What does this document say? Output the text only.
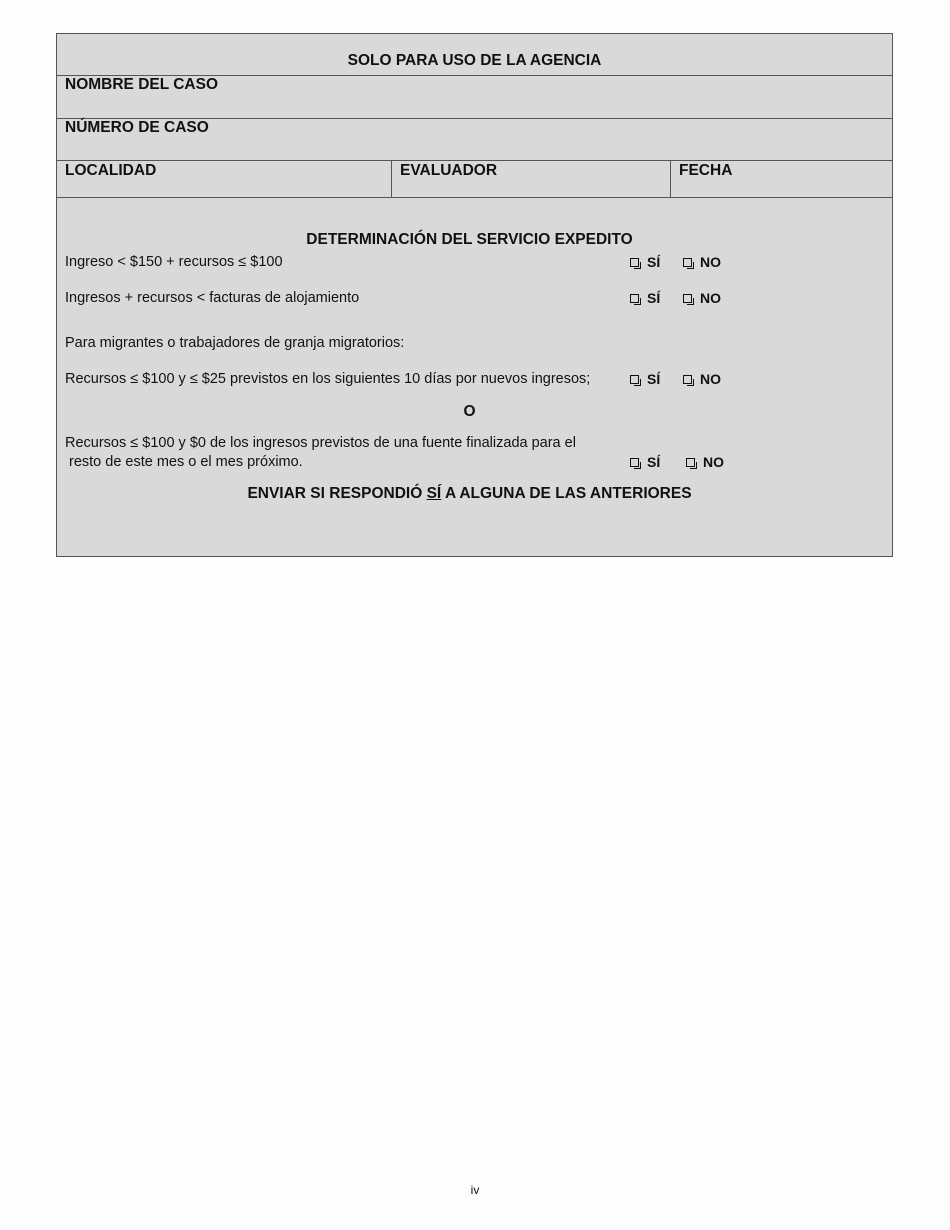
SOLO PARA USO DE LA AGENCIA
NOMBRE DEL CASO
NÚMERO DE CASO
LOCALIDAD	EVALUADOR	FECHA
DETERMINACIÓN DEL SERVICIO EXPEDITO
Ingreso < $150 + recursos ≤ $100	SÍ	NO
Ingresos + recursos < facturas de alojamiento	SÍ	NO
Para migrantes o trabajadores de granja migratorios:
Recursos ≤ $100 y ≤ $25 previstos en los siguientes 10 días por nuevos ingresos;	SÍ	NO
O
Recursos ≤ $100 y $0 de los ingresos previstos de una fuente finalizada para el
resto de este mes o el mes próximo.	SÍ	NO
ENVIAR SI RESPONDIÓ SÍ A ALGUNA DE LAS ANTERIORES
iv
